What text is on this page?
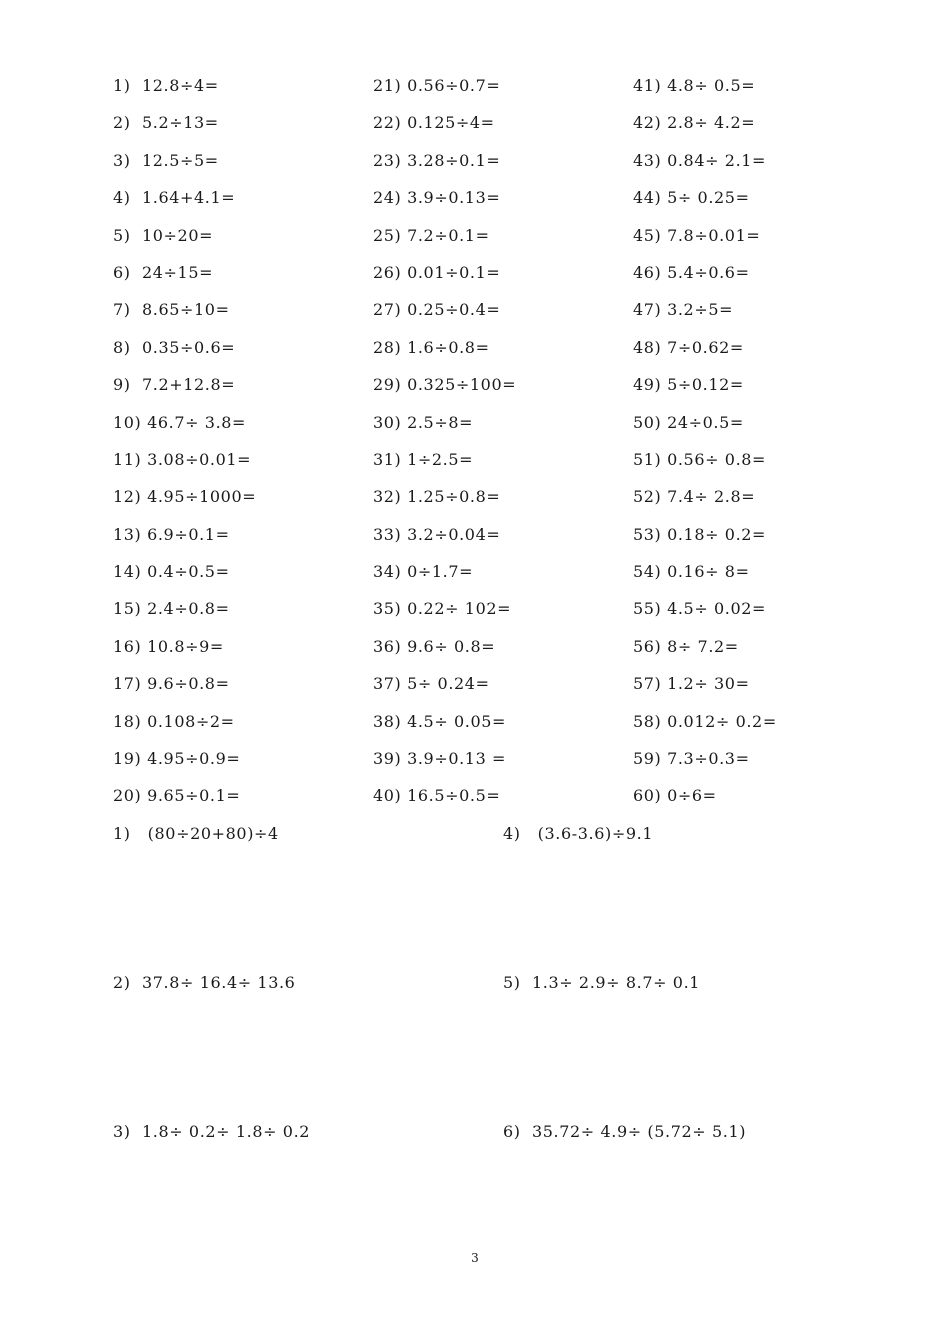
1)  12.8÷4=
2)  5.2÷13=
3)  12.5÷5=
4)  1.64+4.1=
5)  10÷20=
6)  24÷15=
7)  8.65÷10=
8)  0.35÷0.6=
9)  7.2+12.8=
10) 46.7÷ 3.8=
11) 3.08÷0.01=
12) 4.95÷1000=
13) 6.9÷0.1=
14) 0.4÷0.5=
15) 2.4÷0.8=
16) 10.8÷9=
17) 9.6÷0.8=
18) 0.108÷2=
19) 4.95÷0.9=
20) 9.65÷0.1=
21) 0.56÷0.7=
22) 0.125÷4=
23) 3.28÷0.1=
24) 3.9÷0.13=
25) 7.2÷0.1=
26) 0.01÷0.1=
27) 0.25÷0.4=
28) 1.6÷0.8=
29) 0.325÷100=
30) 2.5÷8=
31) 1÷2.5=
32) 1.25÷0.8=
33) 3.2÷0.04=
34) 0÷1.7=
35) 0.22÷ 102=
36) 9.6÷ 0.8=
37) 5÷ 0.24=
38) 4.5÷ 0.05=
39) 3.9÷0.13 =
40) 16.5÷0.5=
41) 4.8÷ 0.5=
42) 2.8÷ 4.2=
43) 0.84÷ 2.1=
44) 5÷ 0.25=
45) 7.8÷0.01=
46) 5.4÷0.6=
47) 3.2÷5=
48) 7÷0.62=
49) 5÷0.12=
50) 24÷0.5=
51) 0.56÷ 0.8=
52) 7.4÷ 2.8=
53) 0.18÷ 0.2=
54) 0.16÷ 8=
55) 4.5÷ 0.02=
56) 8÷ 7.2=
57) 1.2÷ 30=
58) 0.012÷ 0.2=
59) 7.3÷0.3=
60) 0÷6=
1)   (80÷20+80)÷4
2)  37.8÷ 16.4÷ 13.6
3)  1.8÷ 0.2÷ 1.8÷ 0.2
4)   (3.6-3.6)÷9.1
5)  1.3÷ 2.9÷ 8.7÷ 0.1
6)  35.72÷ 4.9÷ (5.72÷ 5.1)
3
